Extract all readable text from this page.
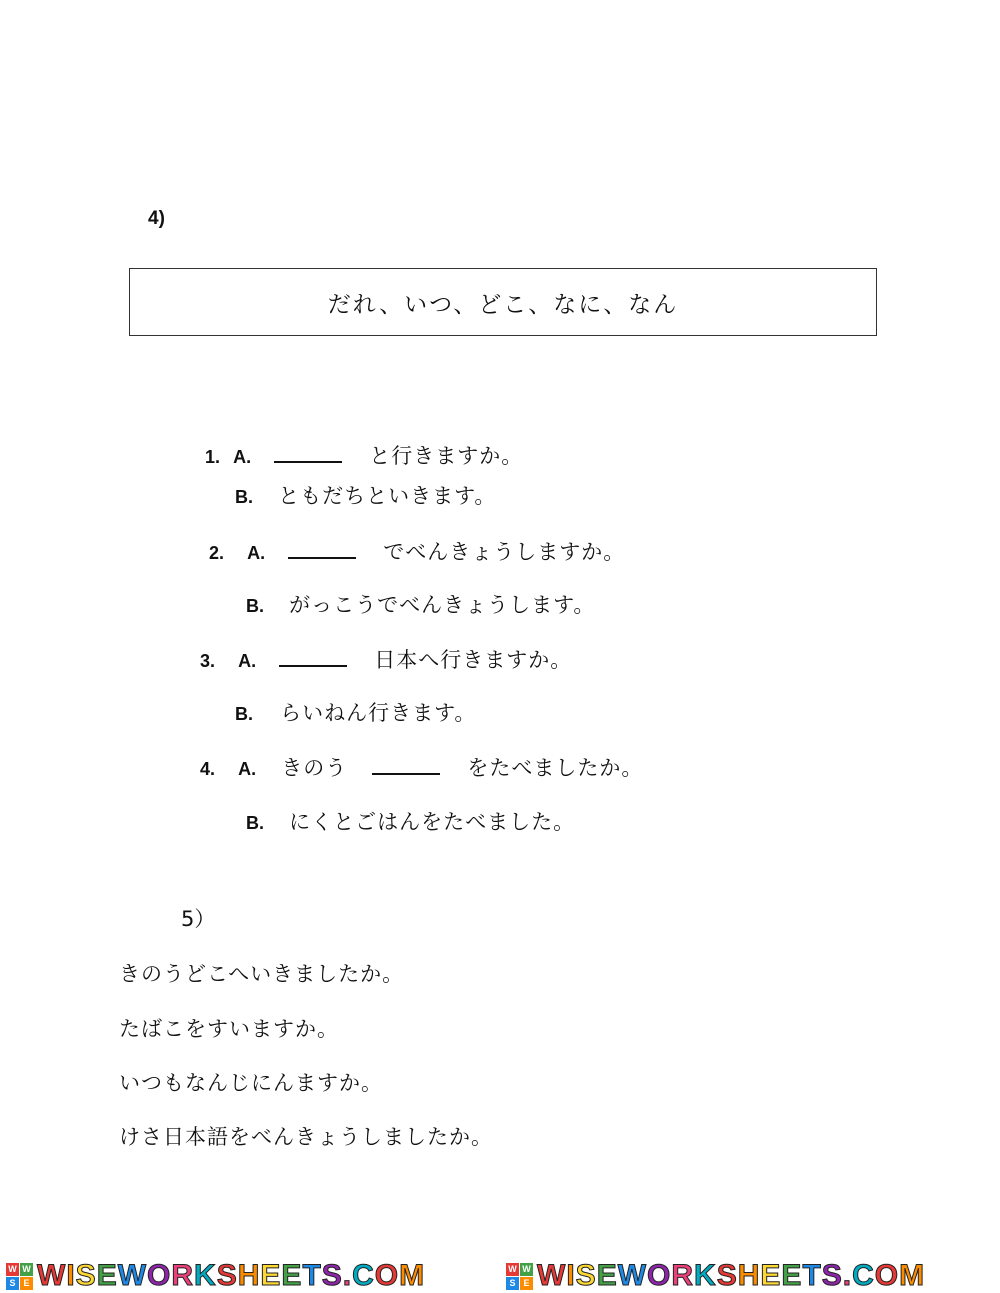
4)
だれ、いつ、どこ、なに、なん
1. A.	と行きますか。
B. ともだちといきます。
2. A.	でべんきょうしますか。
B. がっこうでべんきょうします。
3. A.	日本へ行きますか。
B. らいねん行きます。
4. A. きのう	をたべましたか。
B. にくとごはんをたべました。
5）
きのうどこへいきましたか。
たばこをすいますか。
いつもなんじにんますか。
けさ日本語をべんきょうしましたか。
W W
S E WISEWORKSHEETS.COM	W W
S E WISEWORKSHEETS.COM
